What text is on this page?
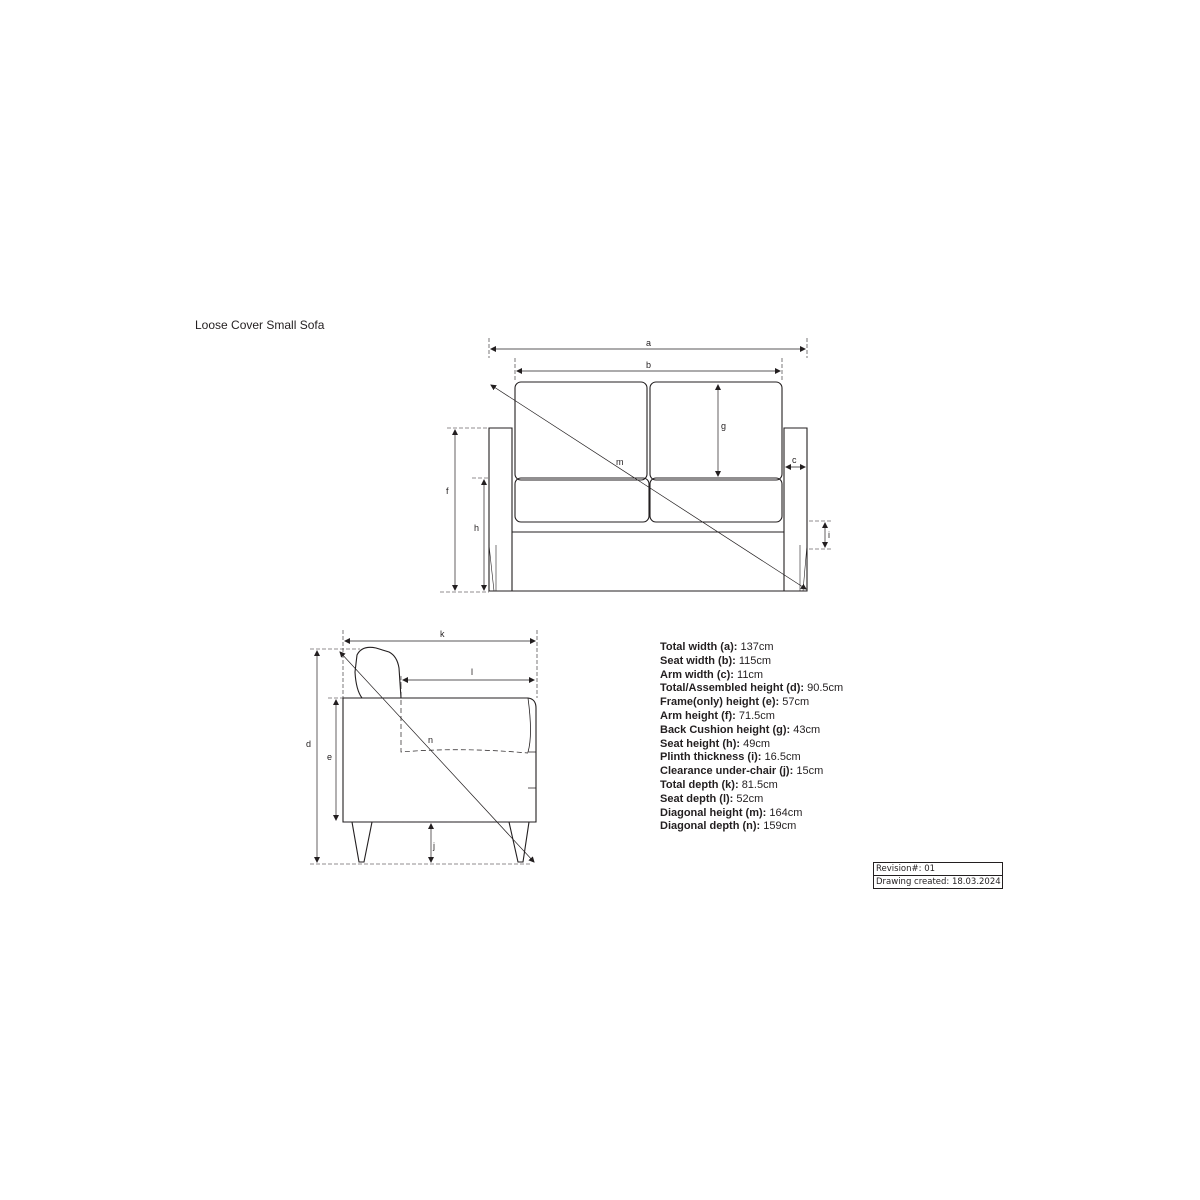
Loose Cover Small Sofa
a
b
g
c
m
f
h
i
k
l
d
e
n
j
Total width (a): 137cm
Seat width (b): 115cm
Arm width (c): 11cm
Total/Assembled height (d): 90.5cm
Frame(only) height (e): 57cm
Arm height (f): 71.5cm
Back Cushion height (g): 43cm
Seat height (h): 49cm
Plinth thickness (i): 16.5cm
Clearance under-chair (j): 15cm
Total depth (k): 81.5cm
Seat depth (l): 52cm
Diagonal height (m): 164cm
Diagonal depth (n): 159cm
Revision#: 01
Drawing created: 18.03.2024
